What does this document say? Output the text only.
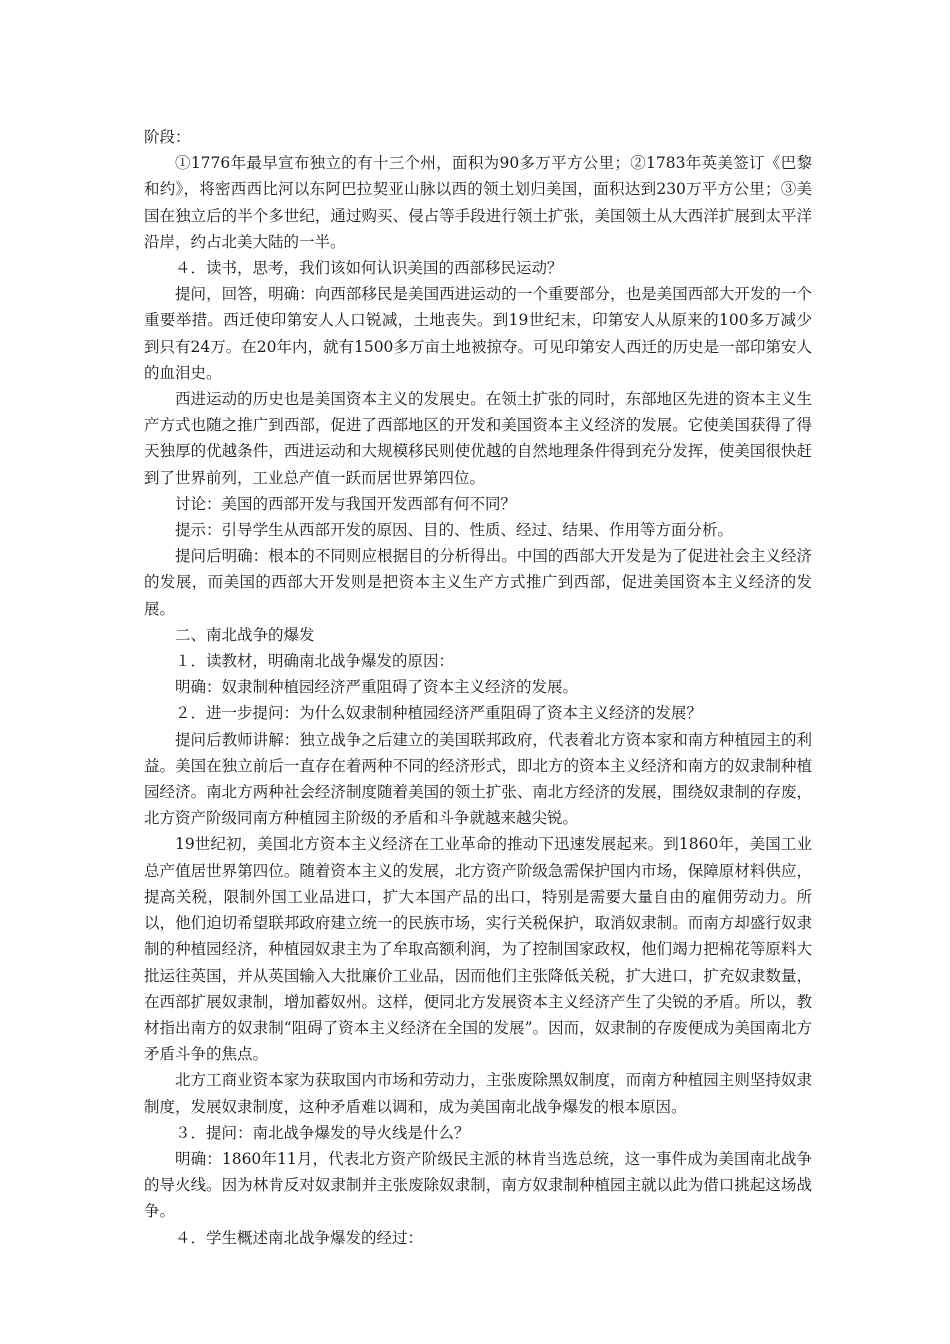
阶段：

①1776年最早宣布独立的有十三个州，面积为90多万平方公里；②1783年英美签订《巴黎和约》，将密西西比河以东阿巴拉契亚山脉以西的领土划归美国，面积达到230万平方公里；③美国在独立后的半个多世纪，通过购买、侵占等手段进行领土扩张，美国领土从大西洋扩展到太平洋沿岸，约占北美大陆的一半。

４．读书，思考，我们该如何认识美国的西部移民运动？

提问，回答，明确：向西部移民是美国西进运动的一个重要部分，也是美国西部大开发的一个重要举措。西迁使印第安人人口锐减，土地丧失。到19世纪末，印第安人从原来的100多万减少到只有24万。在20年内，就有1500多万亩土地被掠夺。可见印第安人西迁的历史是一部印第安人的血泪史。

西进运动的历史也是美国资本主义的发展史。在领土扩张的同时，东部地区先进的资本主义生产方式也随之推广到西部，促进了西部地区的开发和美国资本主义经济的发展。它使美国获得了得天独厚的优越条件，西进运动和大规模移民则使优越的自然地理条件得到充分发挥，使美国很快赶到了世界前列，工业总产值一跃而居世界第四位。

讨论：美国的西部开发与我国开发西部有何不同？

提示：引导学生从西部开发的原因、目的、性质、经过、结果、作用等方面分析。

提问后明确：根本的不同则应根据目的分析得出。中国的西部大开发是为了促进社会主义经济的发展，而美国的西部大开发则是把资本主义生产方式推广到西部，促进美国资本主义经济的发展。

二、南北战争的爆发

１．读教材，明确南北战争爆发的原因：

明确：奴隶制种植园经济严重阻碍了资本主义经济的发展。

２．进一步提问：为什么奴隶制种植园经济严重阻碍了资本主义经济的发展？

提问后教师讲解：独立战争之后建立的美国联邦政府，代表着北方资本家和南方种植园主的利益。美国在独立前后一直存在着两种不同的经济形式，即北方的资本主义经济和南方的奴隶制种植园经济。南北方两种社会经济制度随着美国的领土扩张、南北方经济的发展，围绕奴隶制的存废，北方资产阶级同南方种植园主阶级的矛盾和斗争就越来越尖锐。

19世纪初，美国北方资本主义经济在工业革命的推动下迅速发展起来。到1860年，美国工业总产值居世界第四位。随着资本主义的发展，北方资产阶级急需保护国内市场，保障原材料供应，提高关税，限制外国工业品进口，扩大本国产品的出口，特别是需要大量自由的雇佣劳动力。所以，他们迫切希望联邦政府建立统一的民族市场，实行关税保护，取消奴隶制。而南方却盛行奴隶制的种植园经济，种植园奴隶主为了牟取高额利润，为了控制国家政权，他们竭力把棉花等原料大批运往英国，并从英国输入大批廉价工业品，因而他们主张降低关税，扩大进口，扩充奴隶数量，在西部扩展奴隶制，增加蓄奴州。这样，便同北方发展资本主义经济产生了尖锐的矛盾。所以，教材指出南方的奴隶制“阻碍了资本主义经济在全国的发展”。因而，奴隶制的存废便成为美国南北方矛盾斗争的焦点。

北方工商业资本家为获取国内市场和劳动力，主张废除黑奴制度，而南方种植园主则坚持奴隶制度，发展奴隶制度，这种矛盾难以调和，成为美国南北战争爆发的根本原因。

３．提问：南北战争爆发的导火线是什么？

明确：1860年11月，代表北方资产阶级民主派的林肯当选总统，这一事件成为美国南北战争的导火线。因为林肯反对奴隶制并主张废除奴隶制，南方奴隶制种植园主就以此为借口挑起这场战争。

４．学生概述南北战争爆发的经过：
